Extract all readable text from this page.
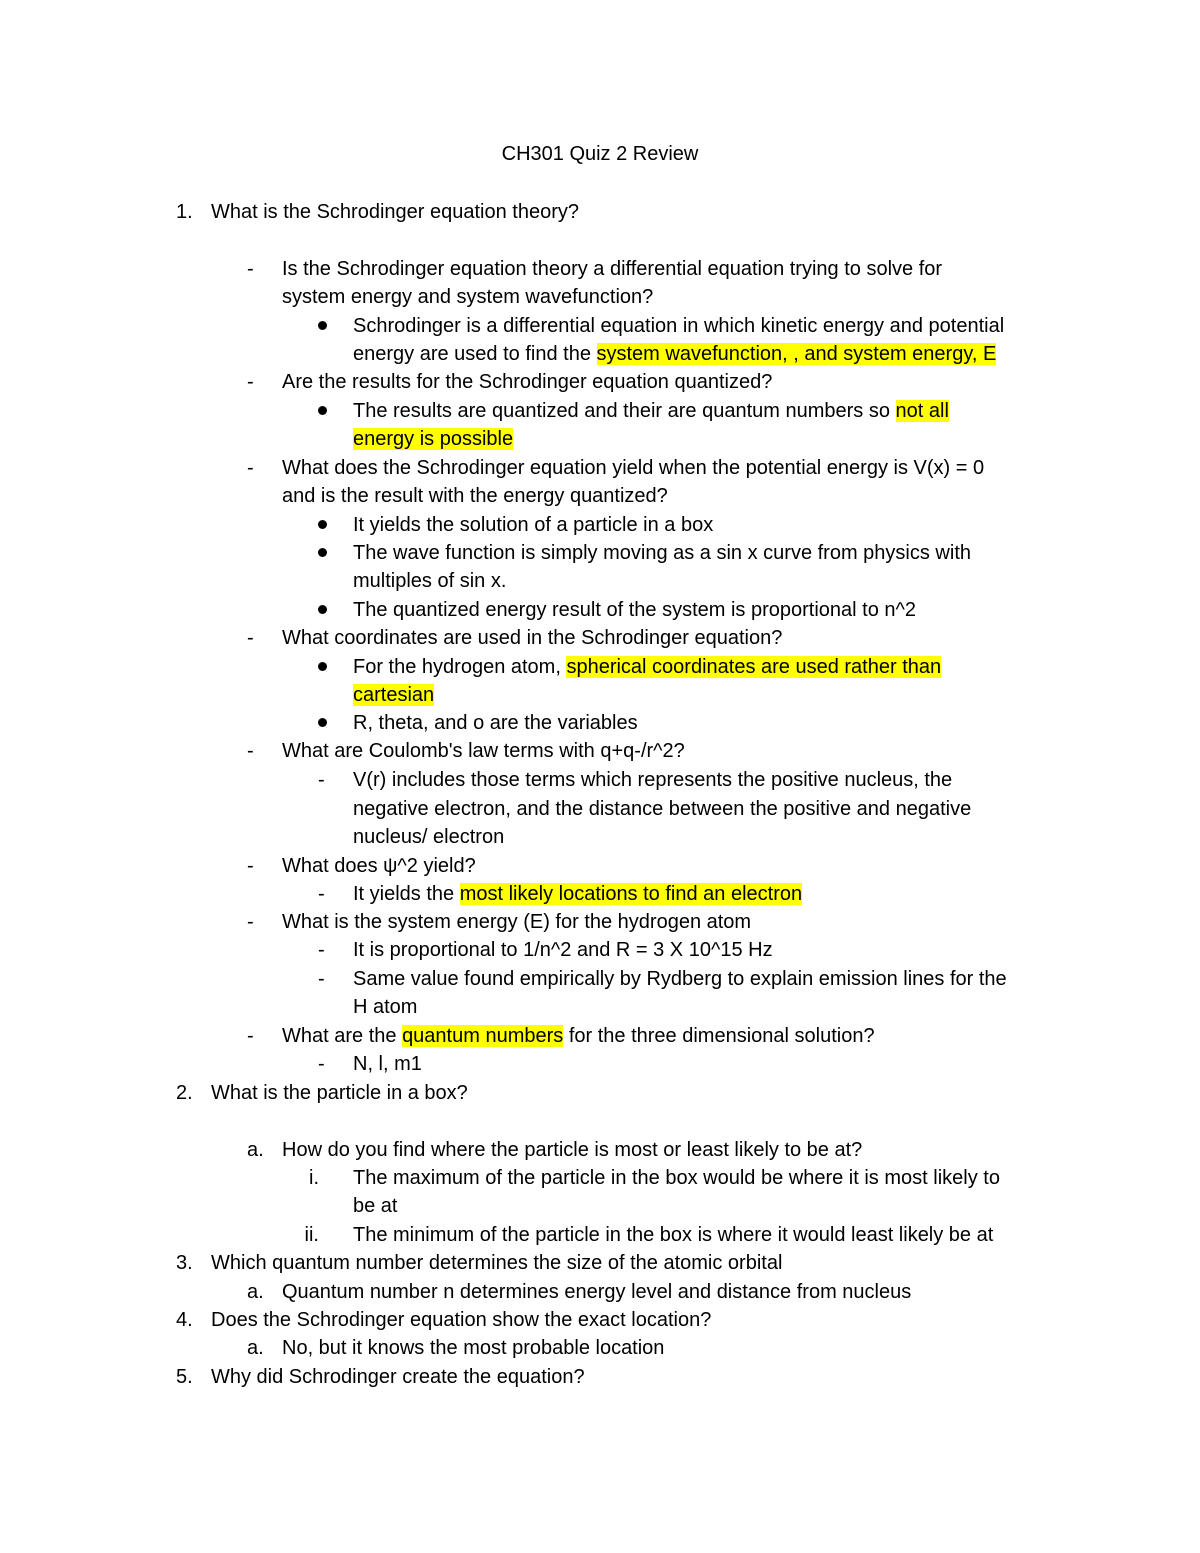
CH301 Quiz 2 Review
1. What is the Schrodinger equation theory?
- Is the Schrodinger equation theory a differential equation trying to solve for
system energy and system wavefunction?
Schrodinger is a differential equation in which kinetic energy and potential
energy are used to find the system wavefunction, , and system energy, E
- Are the results for the Schrodinger equation quantized?
The results are quantized and their are quantum numbers so not all
energy is possible
- What does the Schrodinger equation yield when the potential energy is V(x) = 0
and is the result with the energy quantized?
It yields the solution of a particle in a box
The wave function is simply moving as a sin x curve from physics with
multiples of sin x.
The quantized energy result of the system is proportional to n^2
- What coordinates are used in the Schrodinger equation?
For the hydrogen atom, spherical coordinates are used rather than
cartesian
R, theta, and o are the variables
- What are Coulomb's law terms with q+q-/r^2?
- V(r) includes those terms which represents the positive nucleus, the
negative electron, and the distance between the positive and negative
nucleus/ electron
- What does ψ^2 yield?
- It yields the most likely locations to find an electron
- What is the system energy (E) for the hydrogen atom
- It is proportional to 1/n^2 and R = 3 X 10^15 Hz
- Same value found empirically by Rydberg to explain emission lines for the
H atom
- What are the quantum numbers for the three dimensional solution?
- N, l, m1
2. What is the particle in a box?
a. How do you find where the particle is most or least likely to be at?
i. The maximum of the particle in the box would be where it is most likely to
be at
ii. The minimum of the particle in the box is where it would least likely be at
3. Which quantum number determines the size of the atomic orbital
a. Quantum number n determines energy level and distance from nucleus
4. Does the Schrodinger equation show the exact location?
a. No, but it knows the most probable location
5. Why did Schrodinger create the equation?
